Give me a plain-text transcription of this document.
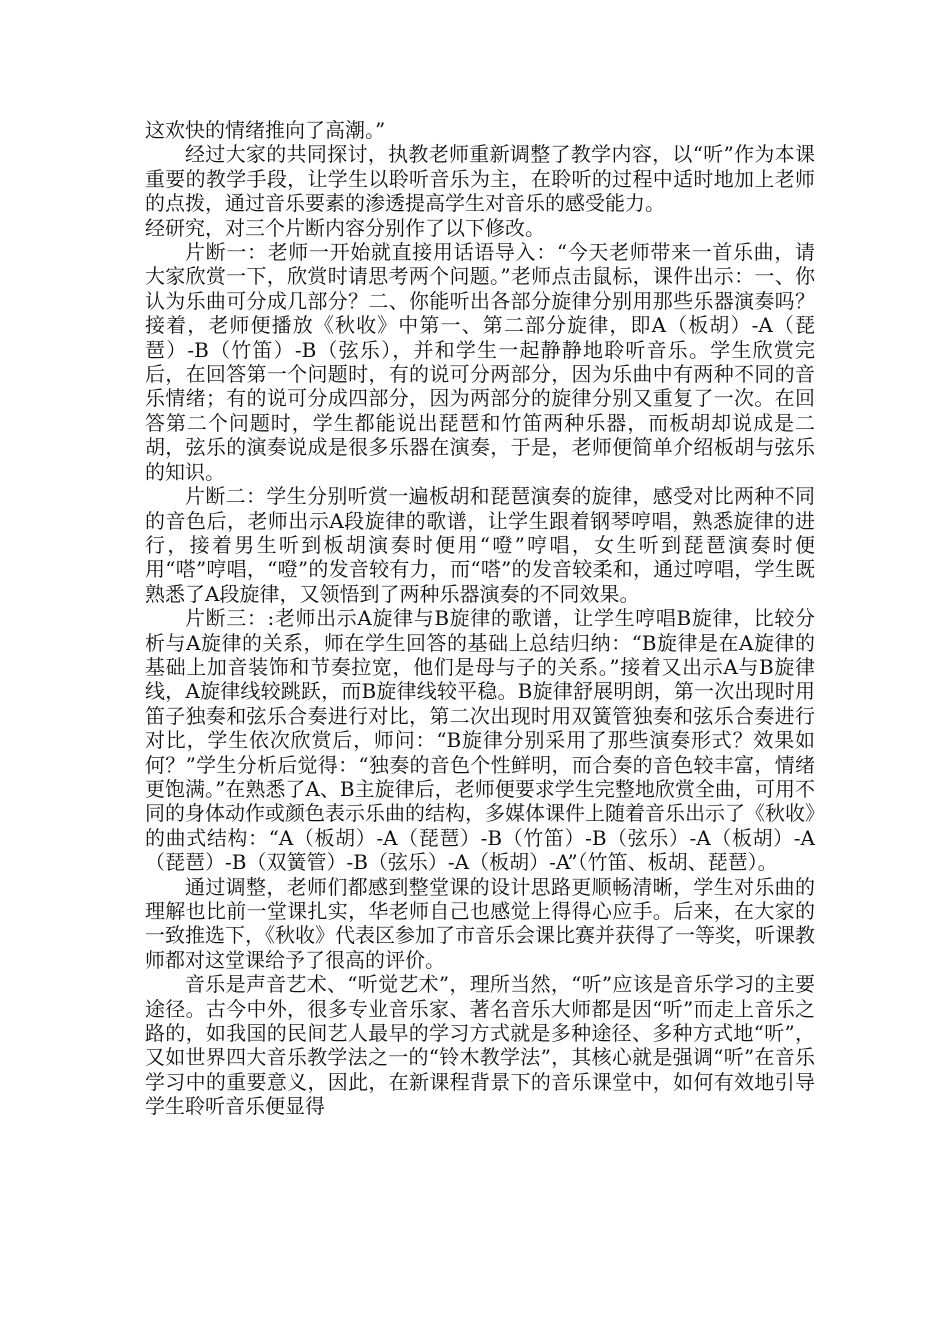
这欢快的情绪推向了高潮。”

经过大家的共同探讨，执教老师重新调整了教学内容，以“听”作为本课重要的教学手段，让学生以聆听音乐为主，在聆听的过程中适时地加上老师的点拨，通过音乐要素的渗透提高学生对音乐的感受能力。

经研究，对三个片断内容分别作了以下修改。

片断一：老师一开始就直接用话语导入：“今天老师带来一首乐曲，请大家欣赏一下，欣赏时请思考两个问题。”老师点击鼠标，课件出示：一、你认为乐曲可分成几部分？二、你能听出各部分旋律分别用那些乐器演奏吗？接着，老师便播放《秋收》中第一、第二部分旋律，即A（板胡）-A（琵琶）-B（竹笛）-B（弦乐），并和学生一起静静地聆听音乐。学生欣赏完后，在回答第一个问题时，有的说可分两部分，因为乐曲中有两种不同的音乐情绪；有的说可分成四部分，因为两部分的旋律分别又重复了一次。在回答第二个问题时，学生都能说出琵琶和竹笛两种乐器，而板胡却说成是二胡，弦乐的演奏说成是很多乐器在演奏，于是，老师便简单介绍板胡与弦乐的知识。

片断二：学生分别听赏一遍板胡和琵琶演奏的旋律，感受对比两种不同的音色后，老师出示A段旋律的歌谱，让学生跟着钢琴哼唱，熟悉旋律的进行，接着男生听到板胡演奏时便用“噔”哼唱，女生听到琵琶演奏时便用“嗒”哼唱，“噔”的发音较有力，而“嗒”的发音较柔和，通过哼唱，学生既熟悉了A段旋律，又领悟到了两种乐器演奏的不同效果。

片断三：:老师出示A旋律与B旋律的歌谱，让学生哼唱B旋律，比较分析与A旋律的关系，师在学生回答的基础上总结归纳：“B旋律是在A旋律的基础上加音装饰和节奏拉宽，他们是母与子的关系。”接着又出示A与B旋律线，A旋律线较跳跃，而B旋律线较平稳。B旋律舒展明朗，第一次出现时用笛子独奏和弦乐合奏进行对比，第二次出现时用双簧管独奏和弦乐合奏进行对比，学生依次欣赏后，师问：“B旋律分别采用了那些演奏形式？效果如何？”学生分析后觉得：“独奏的音色个性鲜明，而合奏的音色较丰富，情绪更饱满。”在熟悉了A、B主旋律后，老师便要求学生完整地欣赏全曲，可用不同的身体动作或颜色表示乐曲的结构，多媒体课件上随着音乐出示了《秋收》的曲式结构：“A（板胡）-A（琵琶）-B（竹笛）-B（弦乐）-A（板胡）-A（琵琶）-B（双簧管）-B（弦乐）-A（板胡）-A”（竹笛、板胡、琵琶）。

通过调整，老师们都感到整堂课的设计思路更顺畅清晰，学生对乐曲的理解也比前一堂课扎实，华老师自己也感觉上得得心应手。后来，在大家的一致推选下，《秋收》代表区参加了市音乐会课比赛并获得了一等奖，听课教师都对这堂课给予了很高的评价。

音乐是声音艺术、“听觉艺术”，理所当然，“听”应该是音乐学习的主要途径。古今中外，很多专业音乐家、著名音乐大师都是因“听”而走上音乐之路的，如我国的民间艺人最早的学习方式就是多种途径、多种方式地“听”，又如世界四大音乐教学法之一的“铃木教学法”，其核心就是强调“听”在音乐学习中的重要意义，因此，在新课程背景下的音乐课堂中，如何有效地引导学生聆听音乐便显得
